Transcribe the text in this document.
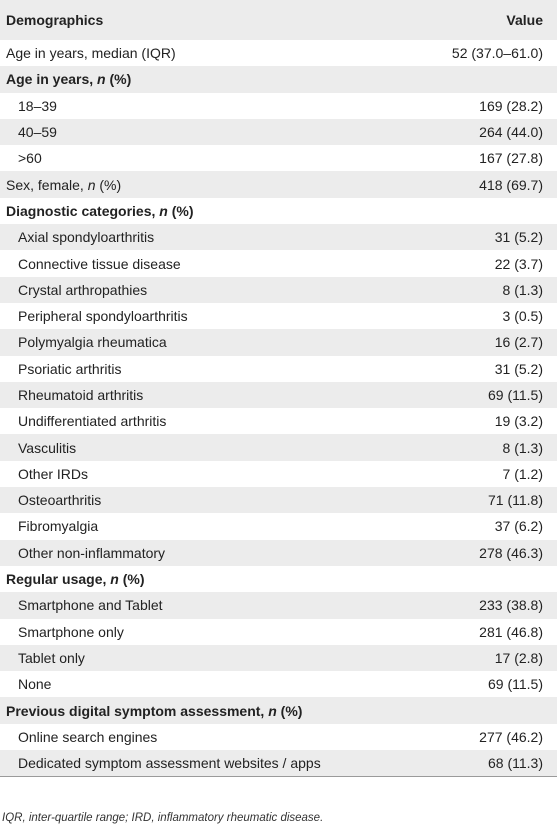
Demographics	Value
Age in years, median (IQR)	52 (37.0–61.0)
Age in years, n (%)	
18–39	169 (28.2)
40–59	264 (44.0)
>60	167 (27.8)
Sex, female, n (%)	418 (69.7)
Diagnostic categories, n (%)	
Axial spondyloarthritis	31 (5.2)
Connective tissue disease	22 (3.7)
Crystal arthropathies	8 (1.3)
Peripheral spondyloarthritis	3 (0.5)
Polymyalgia rheumatica	16 (2.7)
Psoriatic arthritis	31 (5.2)
Rheumatoid arthritis	69 (11.5)
Undifferentiated arthritis	19 (3.2)
Vasculitis	8 (1.3)
Other IRDs	7 (1.2)
Osteoarthritis	71 (11.8)
Fibromyalgia	37 (6.2)
Other non-inflammatory	278 (46.3)
Regular usage, n (%)	
Smartphone and Tablet	233 (38.8)
Smartphone only	281 (46.8)
Tablet only	17 (2.8)
None	69 (11.5)
Previous digital symptom assessment, n (%)	
Online search engines	277 (46.2)
Dedicated symptom assessment websites / apps	68 (11.3)
IQR, inter-quartile range; IRD, inflammatory rheumatic disease.
